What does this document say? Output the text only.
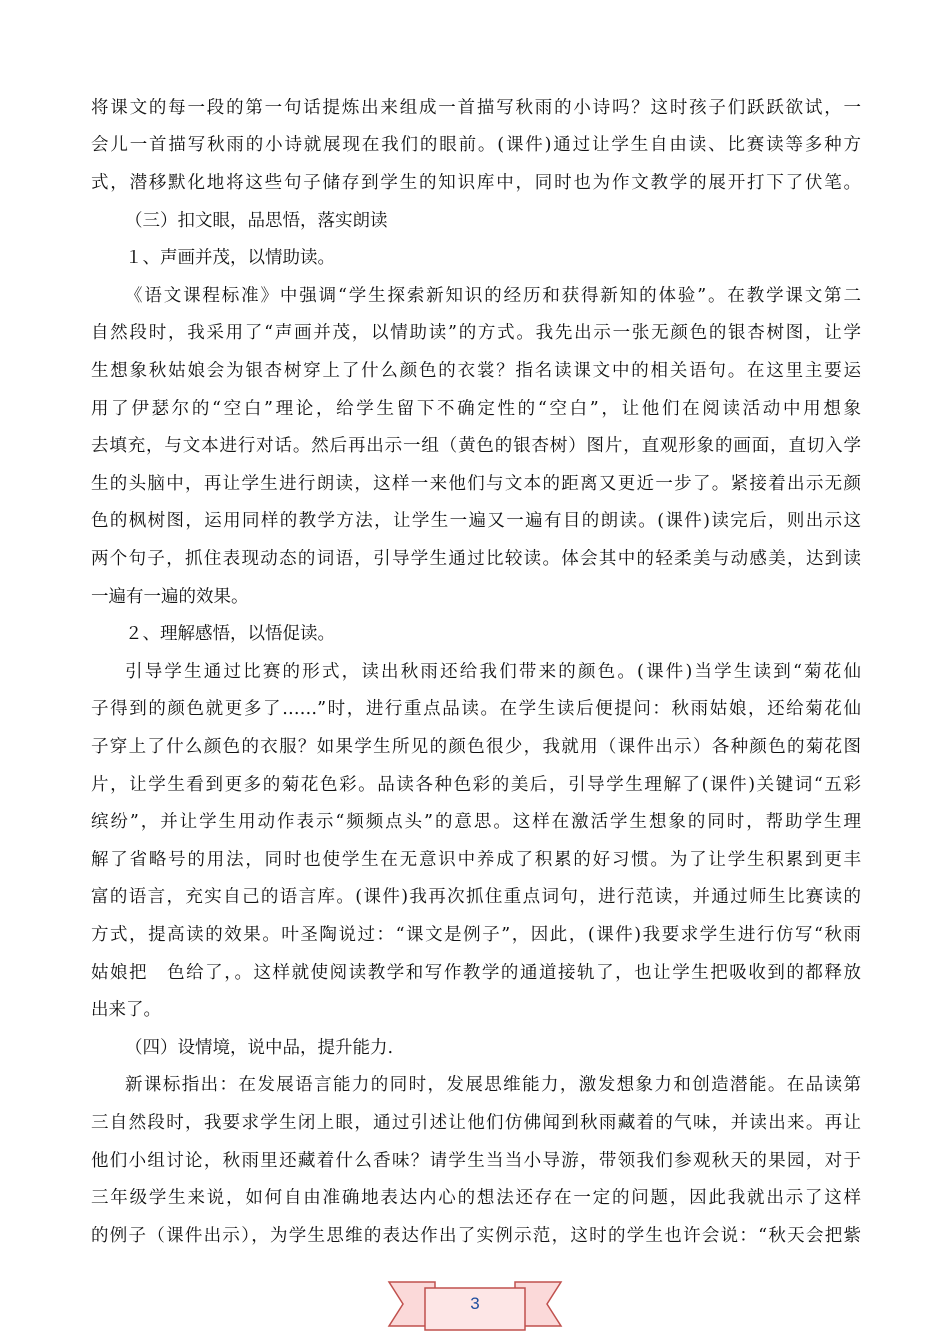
将课文的每一段的第一句话提炼出来组成一首描写秋雨的小诗吗？这时孩子们跃跃欲试，一
会儿一首描写秋雨的小诗就展现在我们的眼前。(课件)通过让学生自由读、比赛读等多种方
式，潜移默化地将这些句子储存到学生的知识库中，同时也为作文教学的展开打下了伏笔。
（三）扣文眼，品思悟，落实朗读
１、声画并茂，以情助读。
《语文课程标准》中强调“学生探索新知识的经历和获得新知的体验”。在教学课文第二
自然段时，我采用了“声画并茂，以情助读”的方式。我先出示一张无颜色的银杏树图，让学
生想象秋姑娘会为银杏树穿上了什么颜色的衣裳？指名读课文中的相关语句。在这里主要运
用了伊瑟尔的“空白”理论，给学生留下不确定性的“空白”，让他们在阅读活动中用想象
去填充，与文本进行对话。然后再出示一组（黄色的银杏树）图片，直观形象的画面，直切入学
生的头脑中，再让学生进行朗读，这样一来他们与文本的距离又更近一步了。紧接着出示无颜
色的枫树图，运用同样的教学方法，让学生一遍又一遍有目的朗读。(课件)读完后，则出示这
两个句子，抓住表现动态的词语，引导学生通过比较读。体会其中的轻柔美与动感美，达到读
一遍有一遍的效果。
２、理解感悟，以悟促读。
引导学生通过比赛的形式，读出秋雨还给我们带来的颜色。(课件)当学生读到“菊花仙
子得到的颜色就更多了……”时，进行重点品读。在学生读后便提问：秋雨姑娘，还给菊花仙
子穿上了什么颜色的衣服？如果学生所见的颜色很少，我就用（课件出示）各种颜色的菊花图
片，让学生看到更多的菊花色彩。品读各种色彩的美后，引导学生理解了(课件)关键词“五彩
缤纷”，并让学生用动作表示“频频点头”的意思。这样在激活学生想象的同时，帮助学生理
解了省略号的用法，同时也使学生在无意识中养成了积累的好习惯。为了让学生积累到更丰
富的语言，充实自己的语言库。(课件)我再次抓住重点词句，进行范读，并通过师生比赛读的
方式，提高读的效果。叶圣陶说过：“课文是例子”，因此，(课件)我要求学生进行仿写“秋雨
姑娘把　色给了，。这样就使阅读教学和写作教学的通道接轨了，也让学生把吸收到的都释放
出来了。
（四）设情境，说中品，提升能力.
新课标指出：在发展语言能力的同时，发展思维能力，激发想象力和创造潜能。在品读第
三自然段时，我要求学生闭上眼，通过引述让他们仿佛闻到秋雨藏着的气味，并读出来。再让
他们小组讨论，秋雨里还藏着什么香味？请学生当当小导游，带领我们参观秋天的果园，对于
三年级学生来说，如何自由准确地表达内心的想法还存在一定的问题，因此我就出示了这样
的例子（课件出示），为学生思维的表达作出了实例示范，这时的学生也许会说：“秋天会把紫
3
